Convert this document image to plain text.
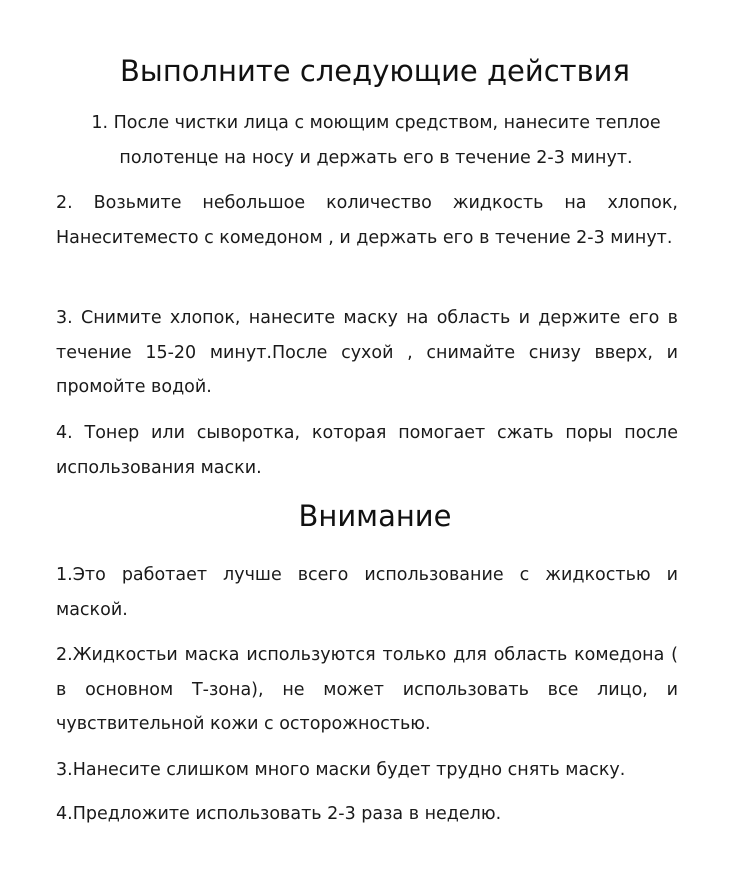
Выполните следующие действия

1. После чистки лица с моющим средством, нанесите теплое полотенце на носу и держать его в течение 2-3 минут.

2. Возьмите небольшое количество жидкость на хлопок, Нанеситеместо с комедоном , и держать его в течение 2-3 минут.

3. Снимите хлопок, нанесите маску на область и держите его в течение 15-20 минут.После сухой , снимайте снизу вверх, и промойте водой.

4. Тонер или сыворотка, которая помогает сжать поры после использования маски.

Внимание

1.Это работает лучше всего использование с жидкостью и маской.

2.Жидкостьи маска используются только для область комедона ( в основном Т-зона), не может использовать все лицо, и чувствительной кожи с осторожностью.

3.Нанесите слишком много маски будет трудно снять маску.

4.Предложите использовать 2-3 раза в неделю.
